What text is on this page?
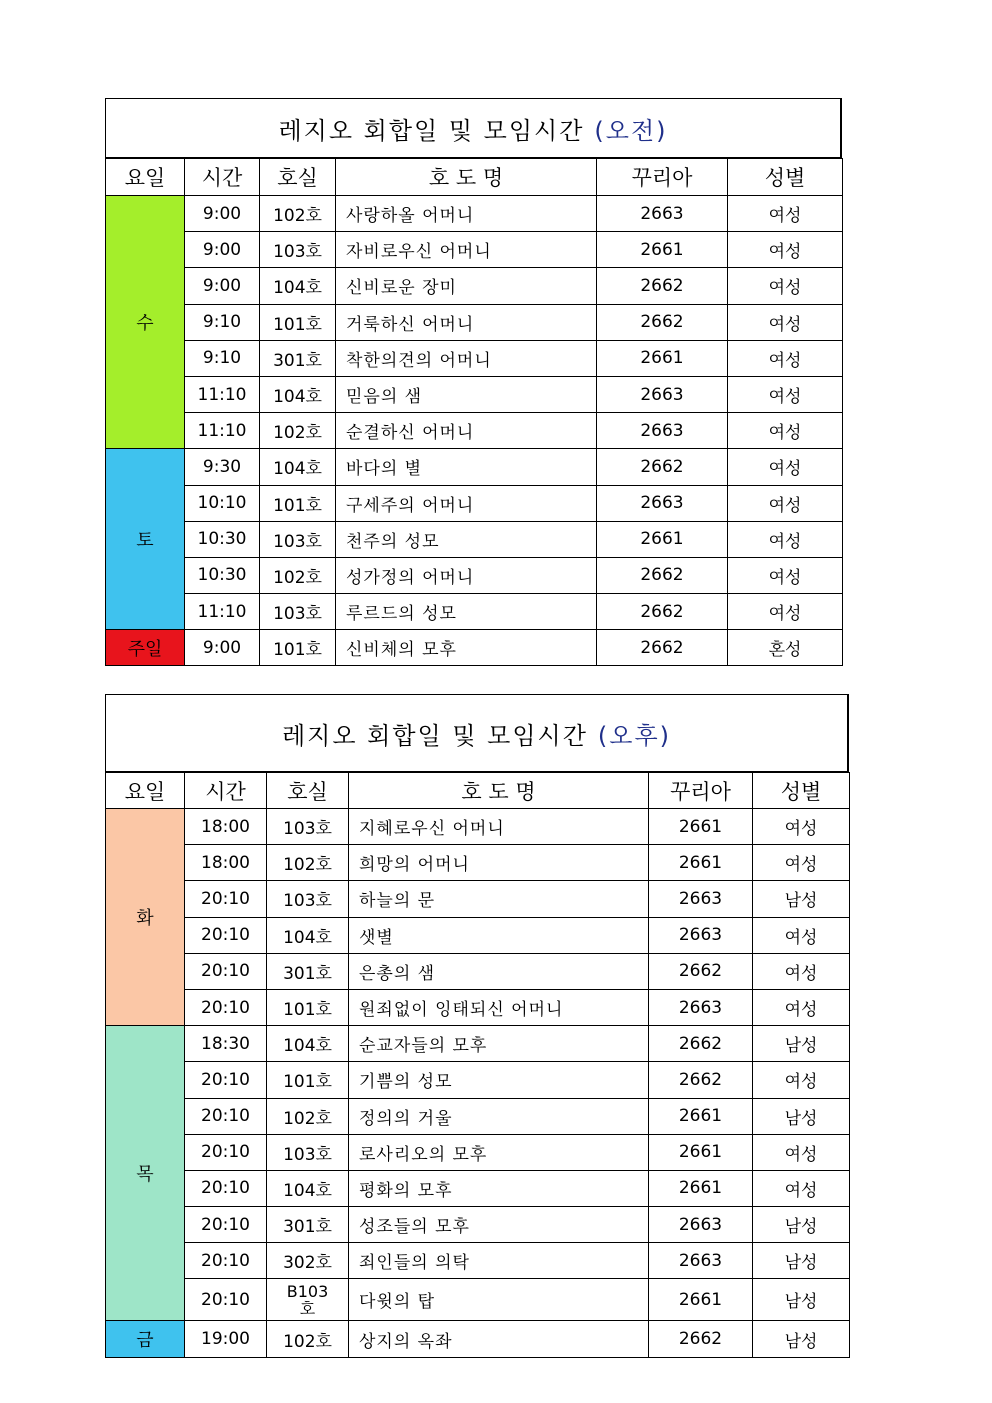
레지오 회합일 및 모임시간 (오전)
요일	시간	호실	호 도 명	꾸리아	성별
수	9:00	102호	사랑하올 어머니	2663	여성
	9:00	103호	자비로우신 어머니	2661	여성
	9:00	104호	신비로운 장미	2662	여성
	9:10	101호	거룩하신 어머니	2662	여성
	9:10	301호	착한의견의 어머니	2661	여성
	11:10	104호	믿음의 샘	2663	여성
	11:10	102호	순결하신 어머니	2663	여성
토	9:30	104호	바다의 별	2662	여성
	10:10	101호	구세주의 어머니	2663	여성
	10:30	103호	천주의 성모	2661	여성
	10:30	102호	성가정의 어머니	2662	여성
	11:10	103호	루르드의 성모	2662	여성
주일	9:00	101호	신비체의 모후	2662	혼성
레지오 회합일 및 모임시간 (오후)
요일	시간	호실	호 도 명	꾸리아	성별
화	18:00	103호	지혜로우신 어머니	2661	여성
	18:00	102호	희망의 어머니	2661	여성
	20:10	103호	하늘의 문	2663	남성
	20:10	104호	샛별	2663	여성
	20:10	301호	은총의 샘	2662	여성
	20:10	101호	원죄없이 잉태되신 어머니	2663	여성
목	18:30	104호	순교자들의 모후	2662	남성
	20:10	101호	기쁨의 성모	2662	여성
	20:10	102호	정의의 거울	2661	남성
	20:10	103호	로사리오의 모후	2661	여성
	20:10	104호	평화의 모후	2661	여성
	20:10	301호	성조들의 모후	2663	남성
	20:10	302호	죄인들의 의탁	2663	남성
	20:10	B103호	다윗의 탑	2661	남성
금	19:00	102호	상지의 옥좌	2662	남성
